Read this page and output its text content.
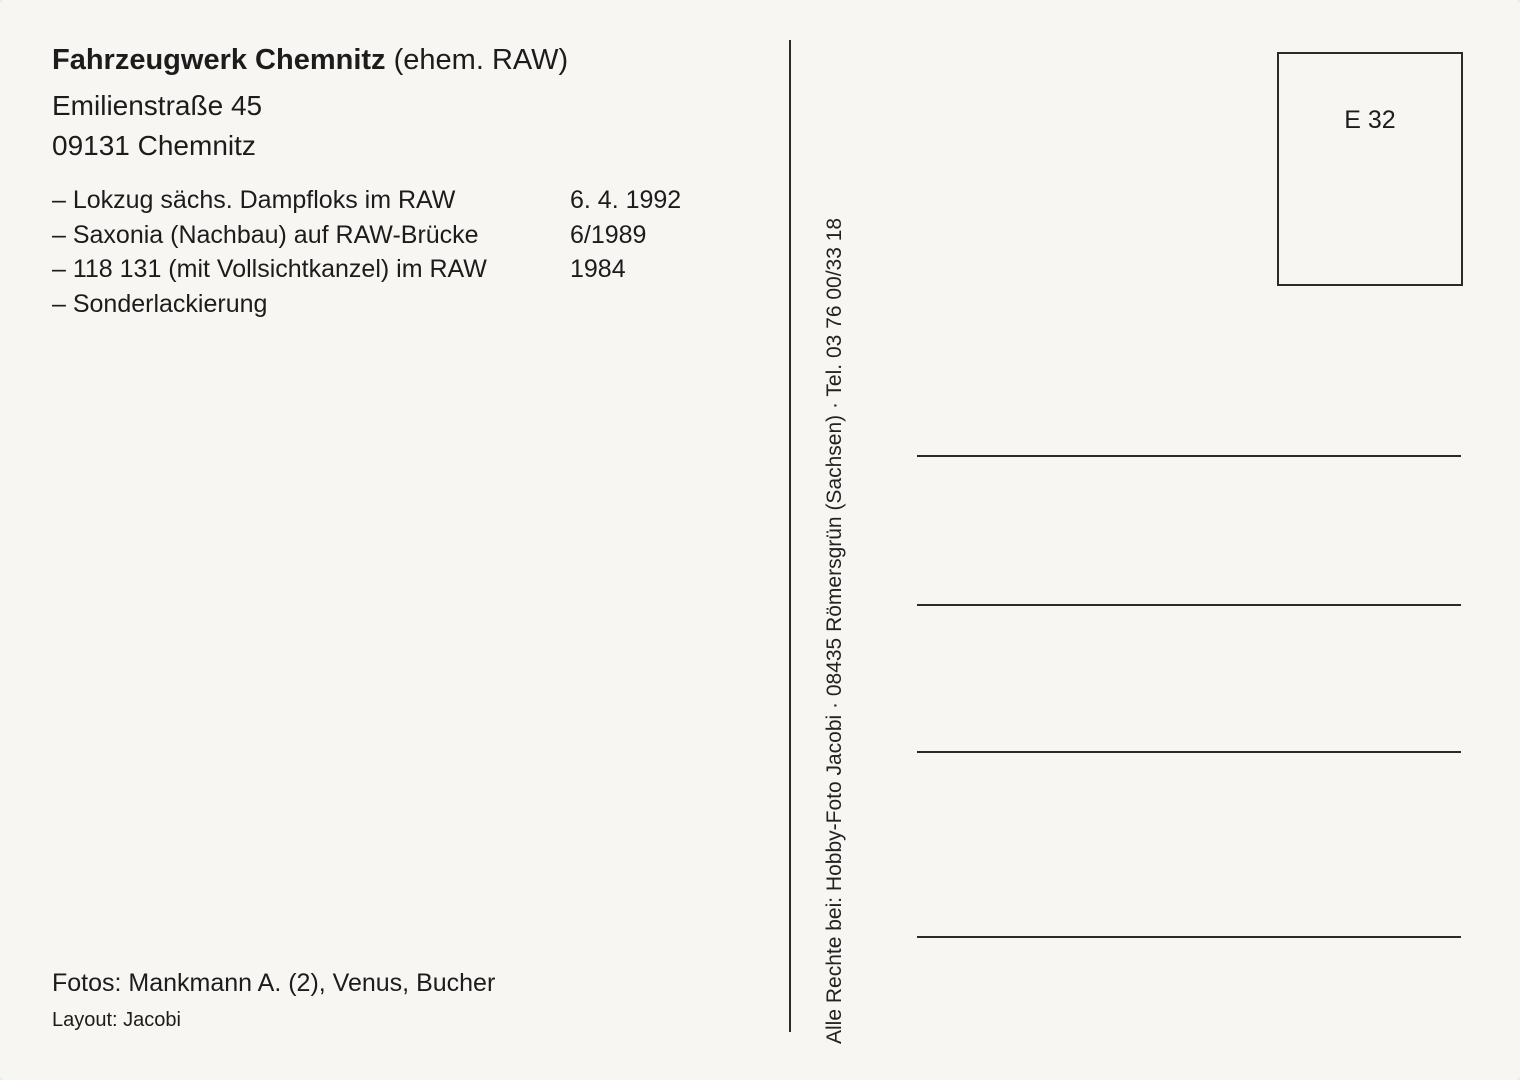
Fahrzeugwerk Chemnitz (ehem. RAW)
Emilienstraße 45
09131 Chemnitz
– Lokzug sächs. Dampfloks im RAW	6. 4. 1992
– Saxonia (Nachbau) auf RAW-Brücke	6/1989
– 118 131 (mit Vollsichtkanzel) im RAW	1984
– Sonderlackierung
Fotos: Mankmann A. (2), Venus, Bucher
Layout: Jacobi	Alle Rechte bei: Hobby-Foto Jacobi · 08435 Römersgrün (Sachsen) · Tel. 03 76 00/33 18
E 32
